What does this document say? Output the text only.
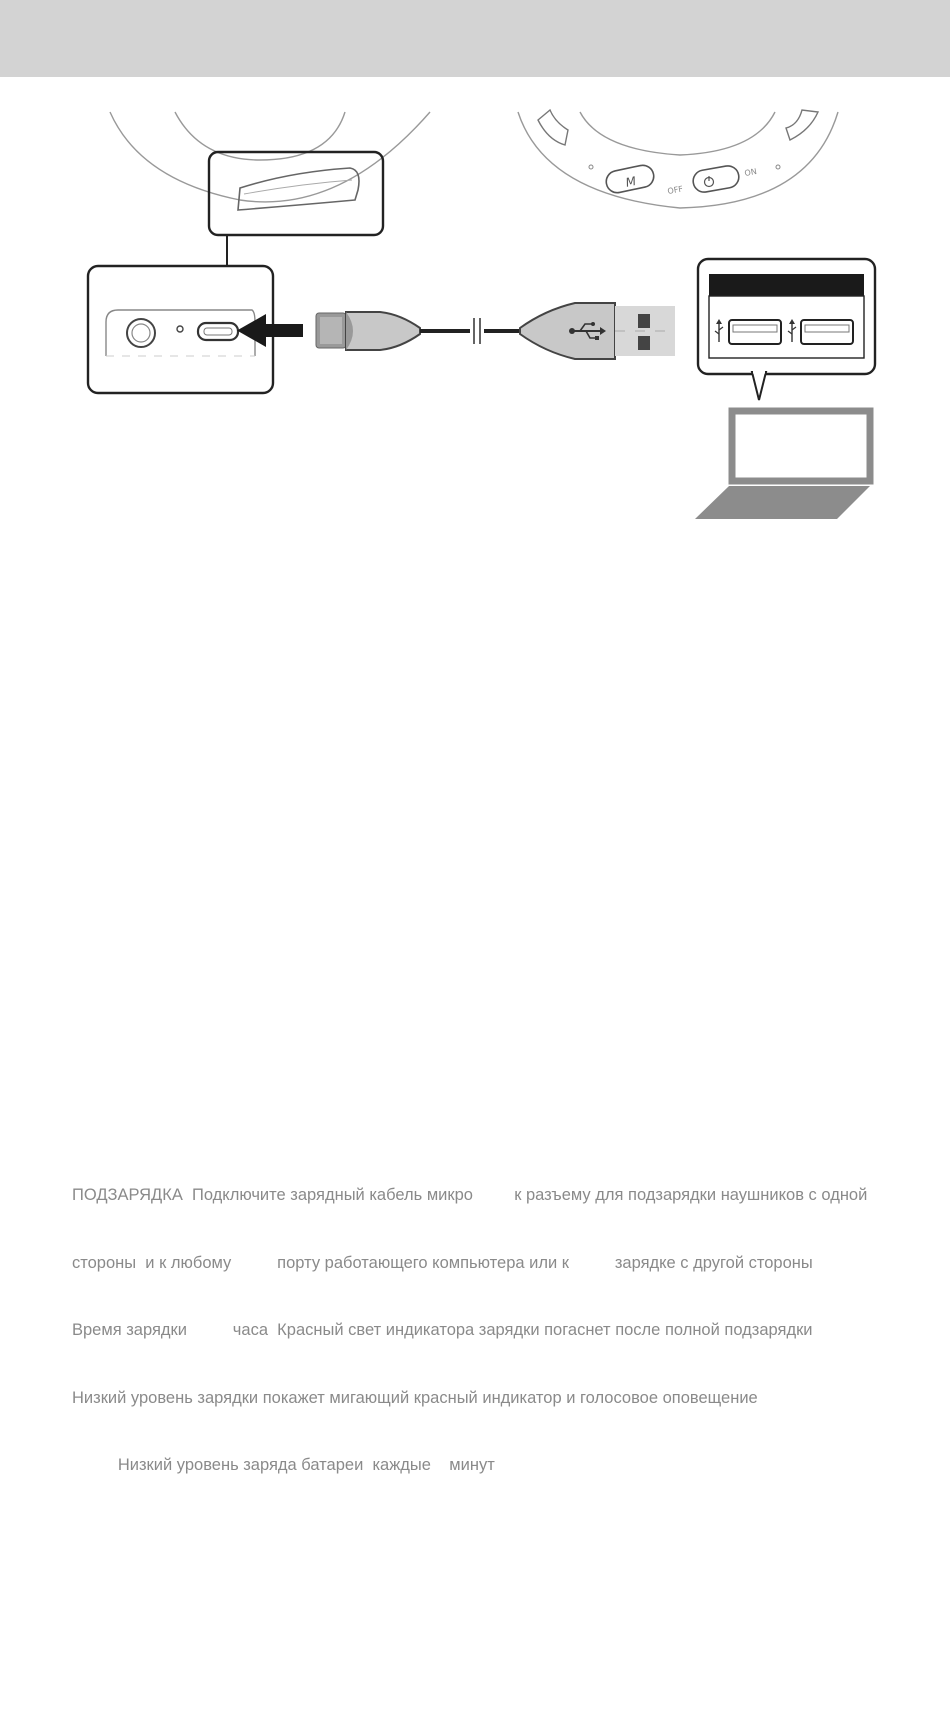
M
OFF
ON

ПОДЗАРЯДКА  Подключите зарядный кабель микро         к разъему для подзарядки наушников с одной

стороны  и к любому          порту работающего компьютера или к          зарядке с другой стороны

Время зарядки          часа  Красный свет индикатора зарядки погаснет после полной подзарядки

Низкий уровень зарядки покажет мигающий красный индикатор и голосовое оповещение

Низкий уровень заряда батареи  каждые    минут
